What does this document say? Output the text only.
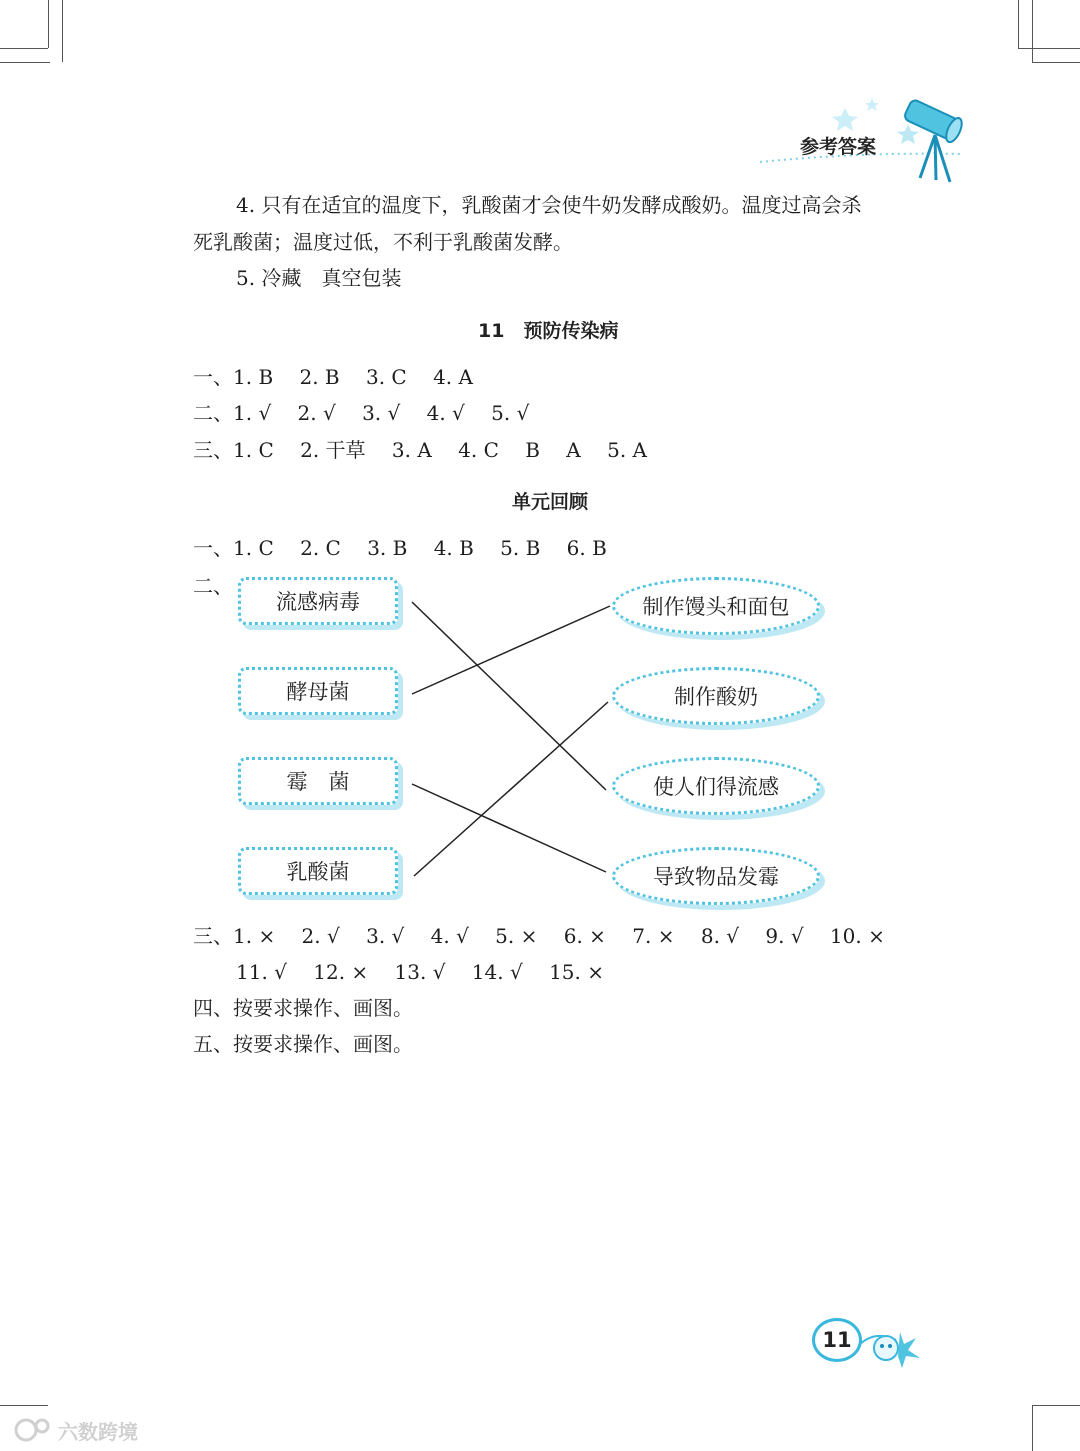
参考答案
4. 只有在适宜的温度下，乳酸菌才会使牛奶发酵成酸奶。温度过高会杀
死乳酸菌；温度过低，不利于乳酸菌发酵。
5. 冷藏　真空包装
11　预防传染病
一、1. B　 2. B　 3. C　 4. A
二、1. √　 2. √　 3. √　 4. √　 5. √
三、1. C　 2. 干草　 3. A　 4. C　 B　 A　 5. A
单元回顾
一、1. C　 2. C　 3. B　 4. B　 5. B　 6. B
二、
流感病毒
酵母菌
霉　菌
乳酸菌
制作馒头和面包
制作酸奶
使人们得流感
导致物品发霉
三、1. ×　 2. √　 3. √　 4. √　 5. ×　 6. ×　 7. ×　 8. √　 9. √　 10. ×
11. √　 12. ×　 13. √　 14. √　 15. ×
四、按要求操作、画图。
五、按要求操作、画图。
11
六数跨境
